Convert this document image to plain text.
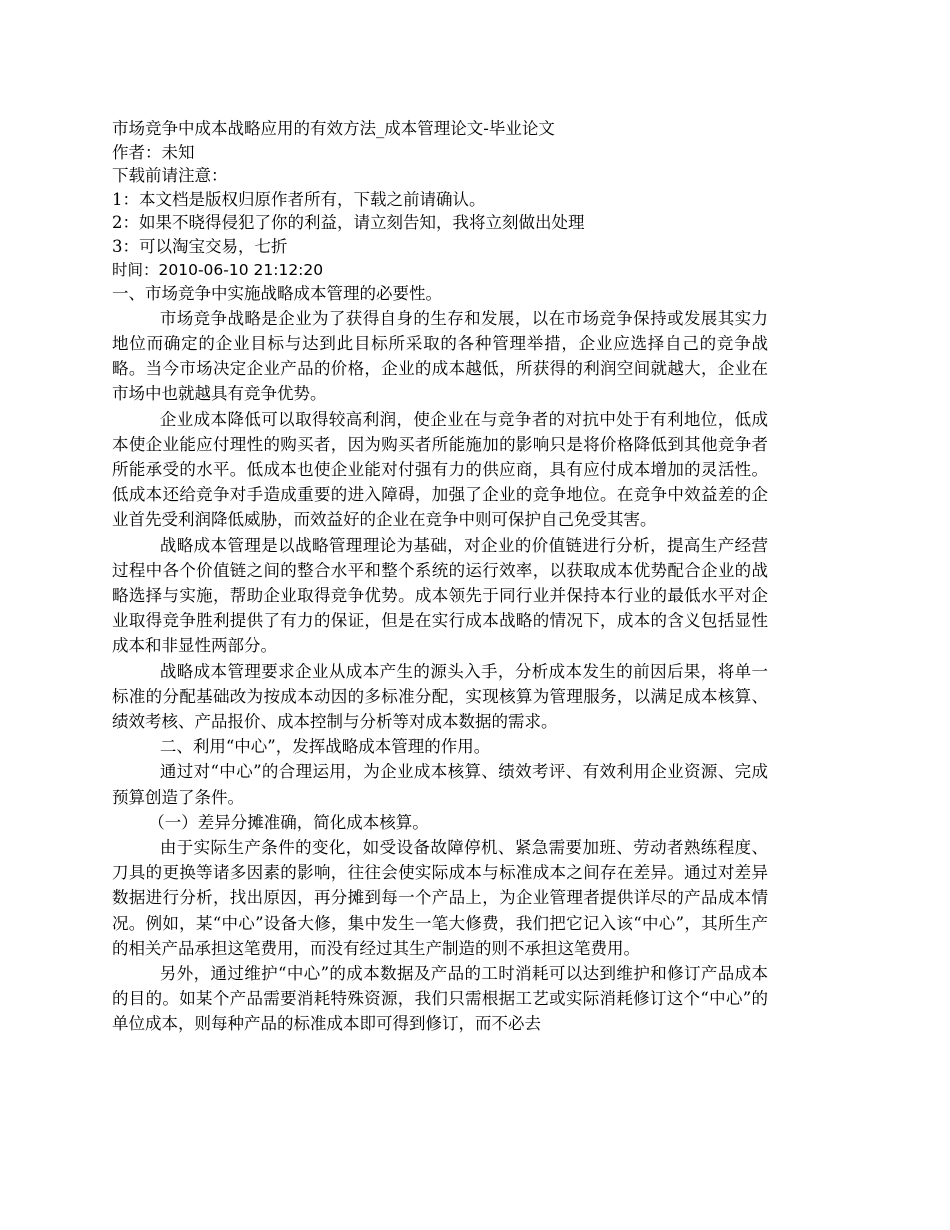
市场竞争中成本战略应用的有效方法_成本管理论文-毕业论文
作者：未知
下载前请注意：
1：本文档是版权归原作者所有，下载之前请确认。
2：如果不晓得侵犯了你的利益，请立刻告知，我将立刻做出处理
3：可以淘宝交易，七折
时间：2010-06-10 21:12:20
一、市场竞争中实施战略成本管理的必要性。

市场竞争战略是企业为了获得自身的生存和发展，以在市场竞争保持或发展其实力地位而确定的企业目标与达到此目标所采取的各种管理举措，企业应选择自己的竞争战略。当今市场决定企业产品的价格，企业的成本越低，所获得的利润空间就越大，企业在市场中也就越具有竞争优势。

企业成本降低可以取得较高利润，使企业在与竞争者的对抗中处于有利地位，低成本使企业能应付理性的购买者，因为购买者所能施加的影响只是将价格降低到其他竞争者所能承受的水平。低成本也使企业能对付强有力的供应商，具有应付成本增加的灵活性。低成本还给竞争对手造成重要的进入障碍，加强了企业的竞争地位。在竞争中效益差的企业首先受利润降低威胁，而效益好的企业在竞争中则可保护自己免受其害。

战略成本管理是以战略管理理论为基础，对企业的价值链进行分析，提高生产经营过程中各个价值链之间的整合水平和整个系统的运行效率，以获取成本优势配合企业的战略选择与实施，帮助企业取得竞争优势。成本领先于同行业并保持本行业的最低水平对企业取得竞争胜利提供了有力的保证，但是在实行成本战略的情况下，成本的含义包括显性成本和非显性两部分。

战略成本管理要求企业从成本产生的源头入手，分析成本发生的前因后果，将单一标准的分配基础改为按成本动因的多标准分配，实现核算为管理服务，以满足成本核算、绩效考核、产品报价、成本控制与分析等对成本数据的需求。

二、利用“中心”，发挥战略成本管理的作用。

通过对“中心”的合理运用，为企业成本核算、绩效考评、有效利用企业资源、完成预算创造了条件。

（一）差异分摊准确，简化成本核算。

由于实际生产条件的变化，如受设备故障停机、紧急需要加班、劳动者熟练程度、刀具的更换等诸多因素的影响，往往会使实际成本与标准成本之间存在差异。通过对差异数据进行分析，找出原因，再分摊到每一个产品上，为企业管理者提供详尽的产品成本情况。例如，某“中心”设备大修，集中发生一笔大修费，我们把它记入该“中心”，其所生产的相关产品承担这笔费用，而没有经过其生产制造的则不承担这笔费用。

另外，通过维护“中心”的成本数据及产品的工时消耗可以达到维护和修订产品成本的目的。如某个产品需要消耗特殊资源，我们只需根据工艺或实际消耗修订这个“中心”的单位成本，则每种产品的标准成本即可得到修订，而不必去
